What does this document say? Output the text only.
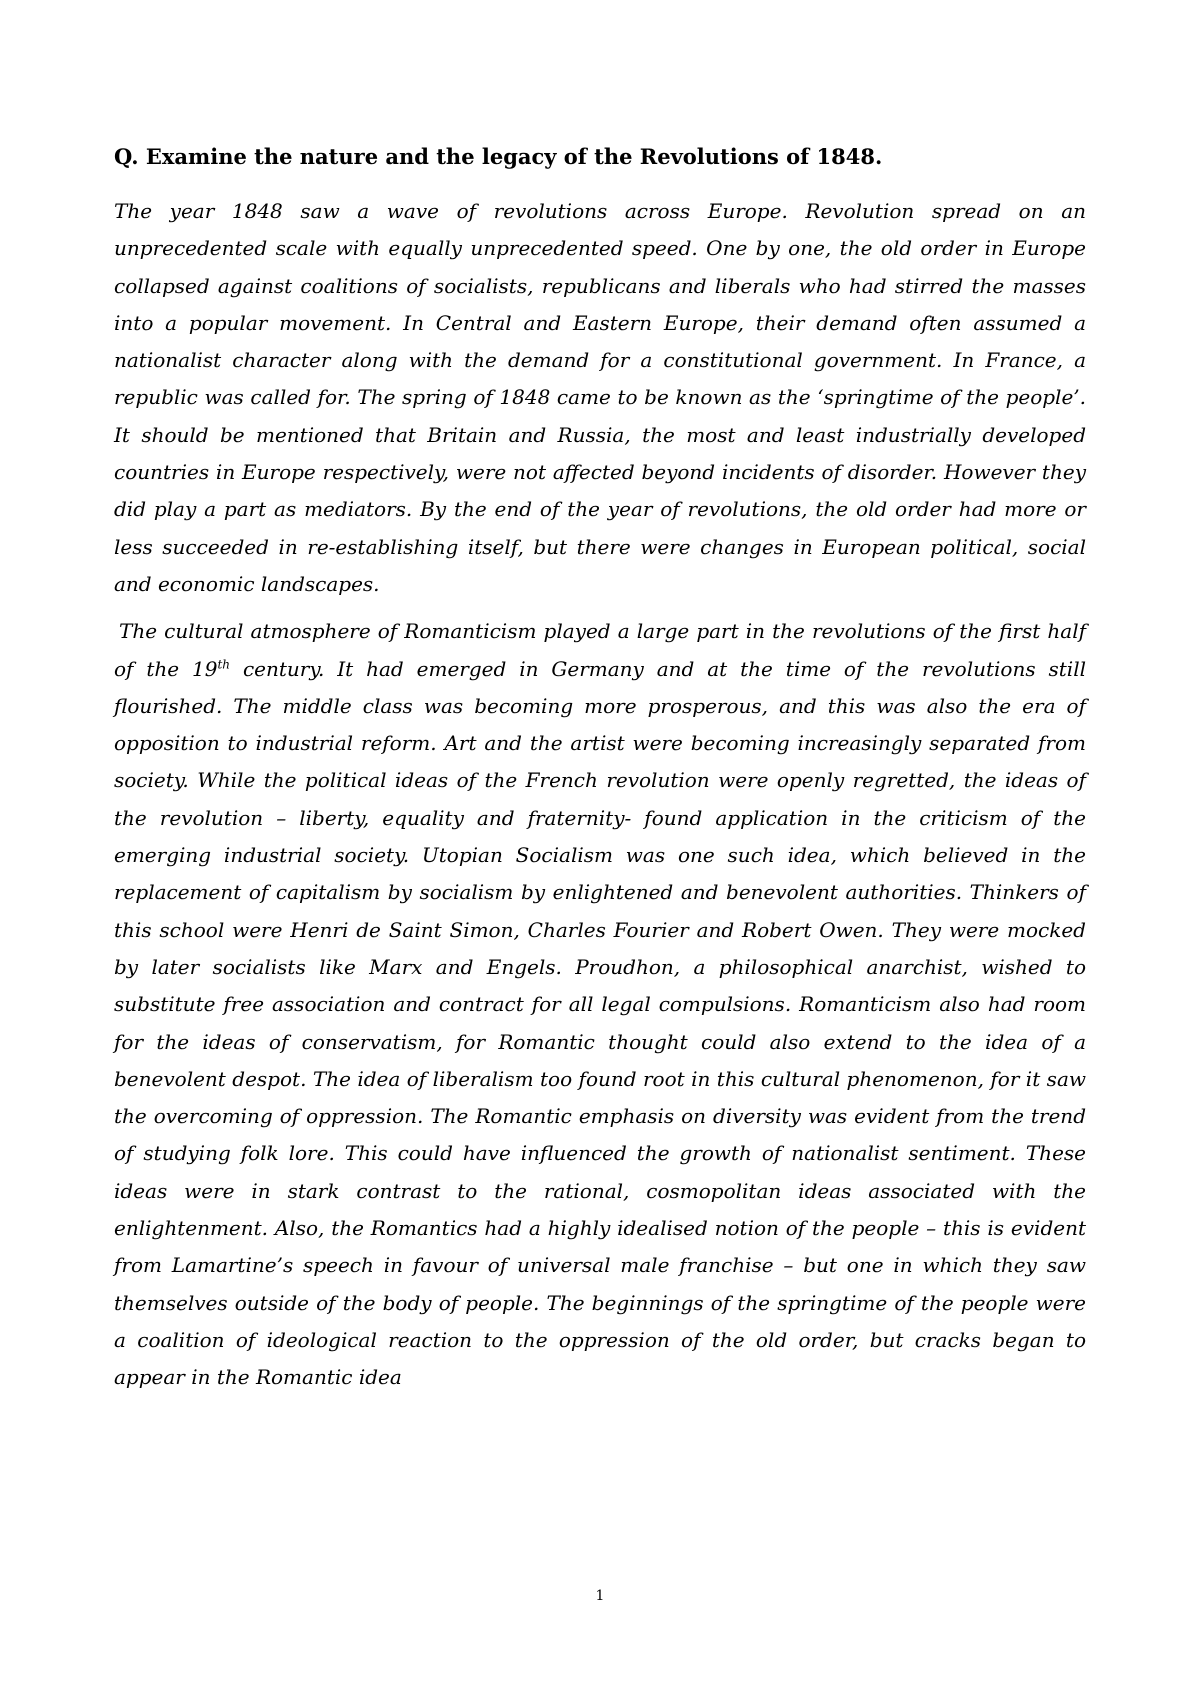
Q. Examine the nature and the legacy of the Revolutions of 1848.

The year 1848 saw a wave of revolutions across Europe. Revolution spread on an unprecedented scale with equally unprecedented speed. One by one, the old order in Europe collapsed against coalitions of socialists, republicans and liberals who had stirred the masses into a popular movement. In Central and Eastern Europe, their demand often assumed a nationalist character along with the demand for a constitutional government. In France, a republic was called for. The spring of 1848 came to be known as the ‘springtime of the people’. It should be mentioned that Britain and Russia, the most and least industrially developed countries in Europe respectively, were not affected beyond incidents of disorder. However they did play a part as mediators. By the end of the year of revolutions, the old order had more or less succeeded in re-establishing itself, but there were changes in European political, social and economic landscapes.

The cultural atmosphere of Romanticism played a large part in the revolutions of the first half of the 19th century. It had emerged in Germany and at the time of the revolutions still flourished. The middle class was becoming more prosperous, and this was also the era of opposition to industrial reform. Art and the artist were becoming increasingly separated from society. While the political ideas of the French revolution were openly regretted, the ideas of the revolution – liberty, equality and fraternity- found application in the criticism of the emerging industrial society. Utopian Socialism was one such idea, which believed in the replacement of capitalism by socialism by enlightened and benevolent authorities. Thinkers of this school were Henri de Saint Simon, Charles Fourier and Robert Owen. They were mocked by later socialists like Marx and Engels. Proudhon, a philosophical anarchist, wished to substitute free association and contract for all legal compulsions. Romanticism also had room for the ideas of conservatism, for Romantic thought could also extend to the idea of a benevolent despot. The idea of liberalism too found root in this cultural phenomenon, for it saw the overcoming of oppression. The Romantic emphasis on diversity was evident from the trend of studying folk lore. This could have influenced the growth of nationalist sentiment. These ideas were in stark contrast to the rational, cosmopolitan ideas associated with the enlightenment. Also, the Romantics had a highly idealised notion of the people – this is evident from Lamartine’s speech in favour of universal male franchise – but one in which they saw themselves outside of the body of people. The beginnings of the springtime of the people were a coalition of ideological reaction to the oppression of the old order, but cracks began to appear in the Romantic idea

1
